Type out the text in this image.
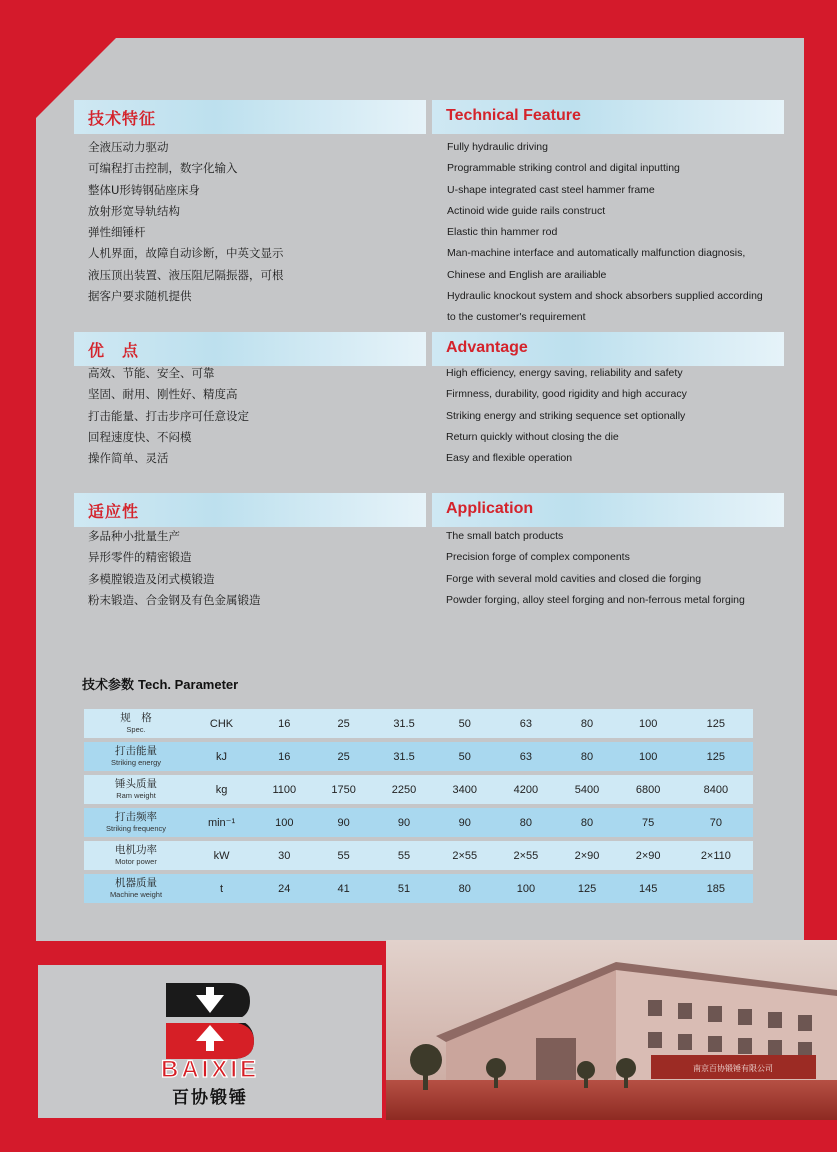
技术特征	Technical Feature
全液压动力驱动
可编程打击控制，数字化输入
整体U形铸钢砧座床身
放射形宽导轨结构
弹性细锤杆
人机界面，故障自动诊断，中英文显示
液压顶出装置、液压阻尼隔振器，可根
据客户要求随机提供
Fully hydraulic driving
Programmable striking control and digital inputting
U-shape integrated cast steel hammer frame
Actinoid wide guide rails construct
Elastic thin hammer rod
Man-machine interface and automatically malfunction diagnosis,
Chinese and English are arailiable
Hydraulic knockout system and shock absorbers supplied according
to the customer's requirement
优　点	Advantage
高效、节能、安全、可靠
坚固、耐用、刚性好、精度高
打击能量、打击步序可任意设定
回程速度快、不闷模
操作简单、灵活
High efficiency, energy saving, reliability and safety
Firmness, durability, good rigidity and high accuracy
Striking energy and striking sequence set optionally
Return quickly without closing the die
Easy and flexible operation
适应性	Application
多品种小批量生产
异形零件的精密锻造
多模膛锻造及闭式模锻造
粉末锻造、合金钢及有色金属锻造
The small batch products
Precision forge of complex components
Forge with several mold cavities and closed die forging
Powder forging, alloy steel forging and non-ferrous metal forging
技术参数 Tech. Parameter
规　格
Spec.	CHK	16	25	31.5	50	63	80	100	125

打击能量
Striking energy	kJ	16	25	31.5	50	63	80	100	125

锤头质量
Ram weight	kg	1100	1750	2250	3400	4200	5400	6800	8400

打击频率
Striking frequency	min⁻¹	100	90	90	90	80	80	75	70

电机功率
Motor power	kW	30	55	55	2×55	2×55	2×90	2×90	2×110

机器质量
Machine weight	t	24	41	51	80	100	125	145	185
BAIXIE
百协锻锤
南京百协锻锤有限公司
